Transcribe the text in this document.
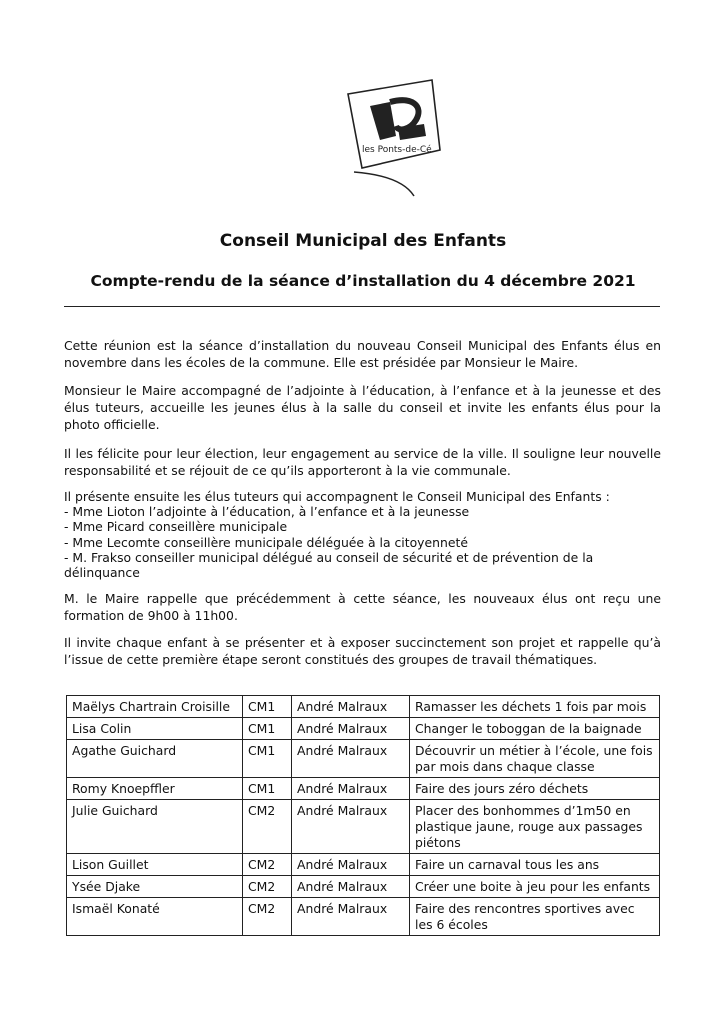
les Ponts-de-Cé
Conseil Municipal des Enfants
Compte-rendu de la séance d’installation du 4 décembre 2021

Cette réunion est la séance d’installation du nouveau Conseil Municipal des Enfants élus en novembre dans les écoles de la commune. Elle est présidée par Monsieur le Maire.

Monsieur le Maire accompagné de l’adjointe à l’éducation, à l’enfance et à la jeunesse et des élus tuteurs, accueille les jeunes élus à la salle du conseil et invite les enfants élus pour la photo officielle.

Il les félicite pour leur élection, leur engagement au service de la ville. Il souligne leur nouvelle responsabilité et se réjouit de ce qu’ils apporteront à la vie communale.

Il présente ensuite les élus tuteurs qui accompagnent le Conseil Municipal des Enfants :

- Mme Lioton l’adjointe à l’éducation, à l’enfance et à la jeunesse

- Mme Picard conseillère municipale

- Mme Lecomte conseillère municipale déléguée à la citoyenneté

- M. Frakso conseiller municipal délégué au conseil de sécurité et de prévention de la délinquance

M. le Maire rappelle que précédemment à cette séance, les nouveaux élus ont reçu une formation de 9h00 à 11h00.

Il invite chaque enfant à se présenter et à exposer succinctement son projet et rappelle qu’à l’issue de cette première étape seront constitués des groupes de travail thématiques.

Maëlys Chartrain Croisille	CM1	André Malraux	Ramasser les déchets 1 fois par mois
Lisa Colin	CM1	André Malraux	Changer le toboggan de la baignade
Agathe Guichard	CM1	André Malraux	Découvrir un métier à l’école, une fois par mois dans chaque classe
Romy Knoepffler	CM1	André Malraux	Faire des jours zéro déchets
Julie Guichard	CM2	André Malraux	Placer des bonhommes d’1m50 en plastique jaune, rouge aux passages piétons
Lison Guillet	CM2	André Malraux	Faire un carnaval tous les ans
Ysée Djake	CM2	André Malraux	Créer une boite à jeu pour les enfants
Ismaël Konaté	CM2	André Malraux	Faire des rencontres sportives avec les 6 écoles
